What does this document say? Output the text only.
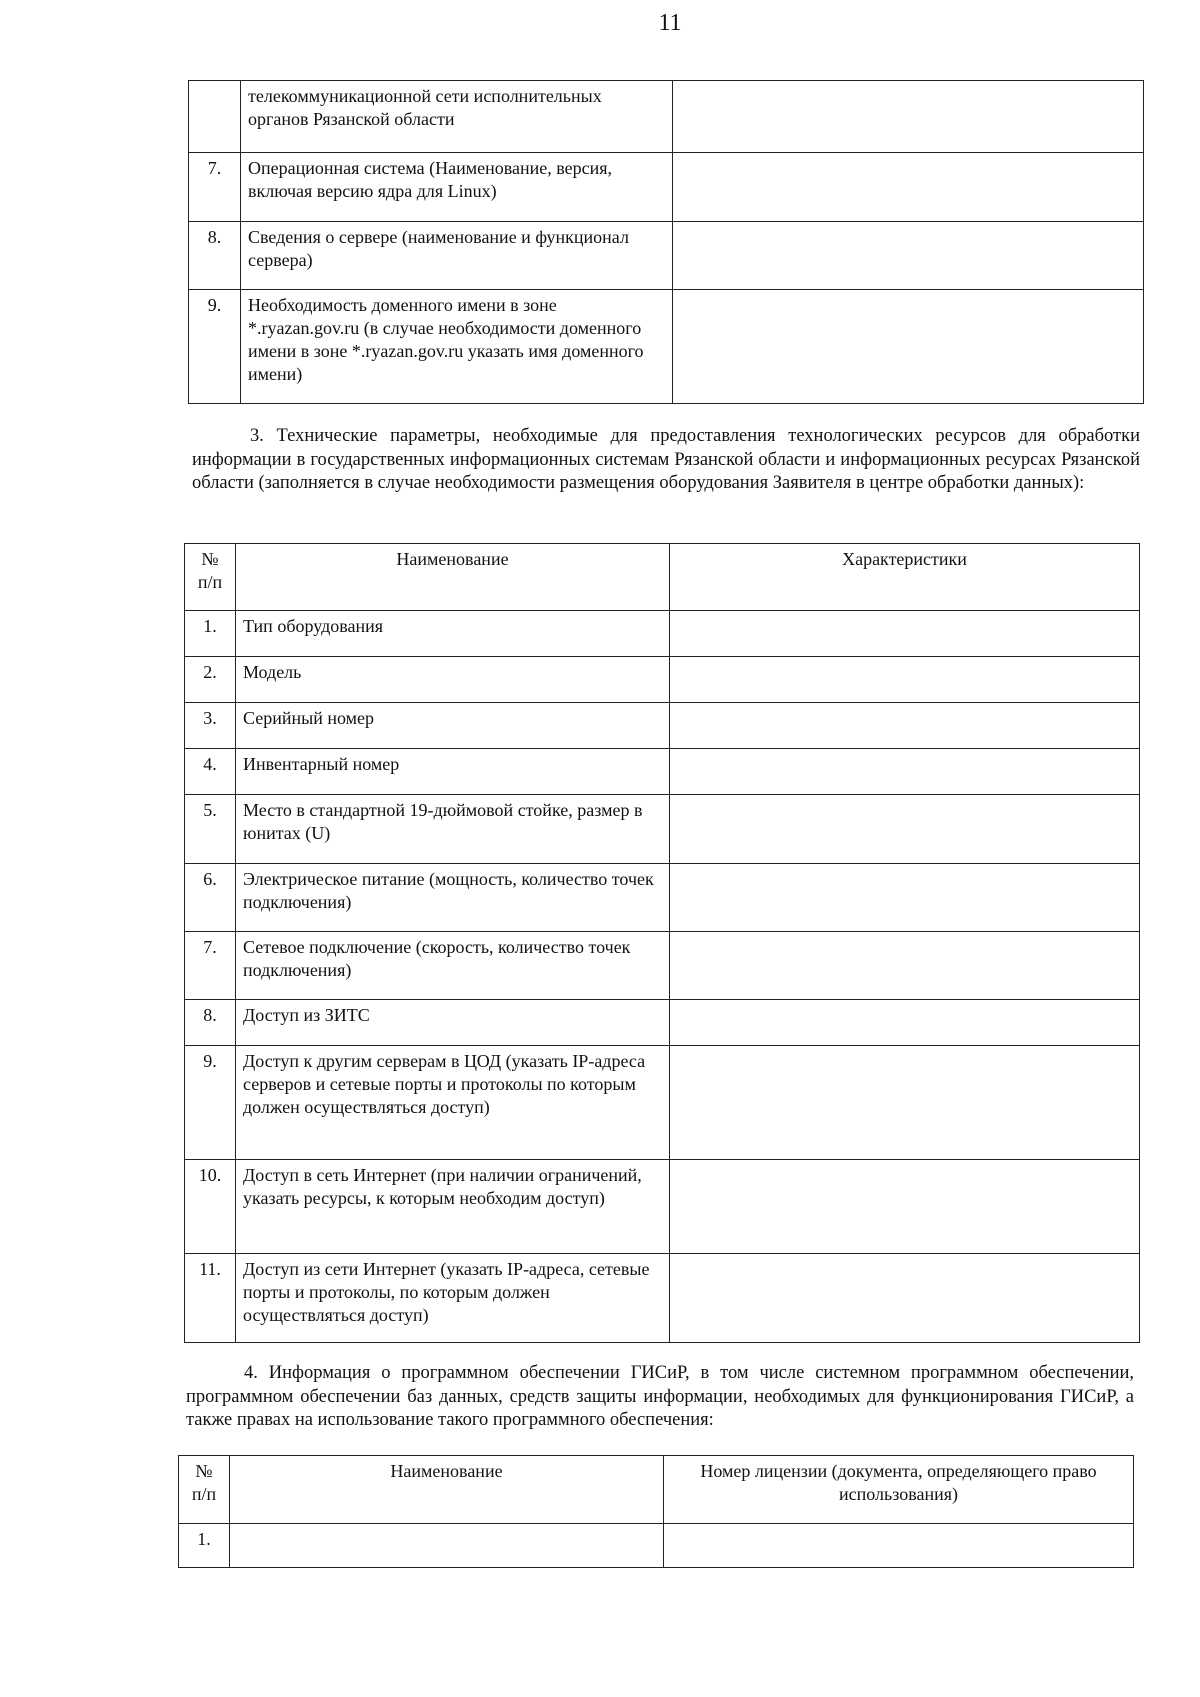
11
	телекоммуникационной сети исполнительных органов Рязанской области	
7.	Операционная система (Наименование, версия, включая версию ядра для Linux)	
8.	Сведения о сервере (наименование и функционал сервера)	
9.	Необходимость доменного имени в зоне *.ryazan.gov.ru (в случае необходимости доменного имени в зоне *.ryazan.gov.ru указать имя доменного имени)	

3. Технические параметры, необходимые для предоставления технологических ресурсов для обработки информации в государственных информационных системам Рязанской области и информационных ресурсах Рязанской области (заполняется в случае необходимости размещения оборудования Заявителя в центре обработки данных):

№ п/п	Наименование	Характеристики
1.	Тип оборудования	
2.	Модель	
3.	Серийный номер	
4.	Инвентарный номер	
5.	Место в стандартной 19-дюймовой стойке, размер в юнитах (U)	
6.	Электрическое питание (мощность, количество точек подключения)	
7.	Сетевое подключение (скорость, количество точек подключения)	
8.	Доступ из ЗИТС	
9.	Доступ к другим серверам в ЦОД (указать IP-адреса серверов и сетевые порты и протоколы по которым должен осуществляться доступ)	
10.	Доступ в сеть Интернет (при наличии ограничений, указать ресурсы, к которым необходим доступ)	
11.	Доступ из сети Интернет (указать IP-адреса, сетевые порты и протоколы, по которым должен осуществляться доступ)	

4. Информация о программном обеспечении ГИСиР, в том числе системном программном обеспечении, программном обеспечении баз данных, средств защиты информации, необходимых для функционирования ГИСиР, а также правах на использование такого программного обеспечения:

№ п/п	Наименование	Номер лицензии (документа, определяющего право использования)
1.		
